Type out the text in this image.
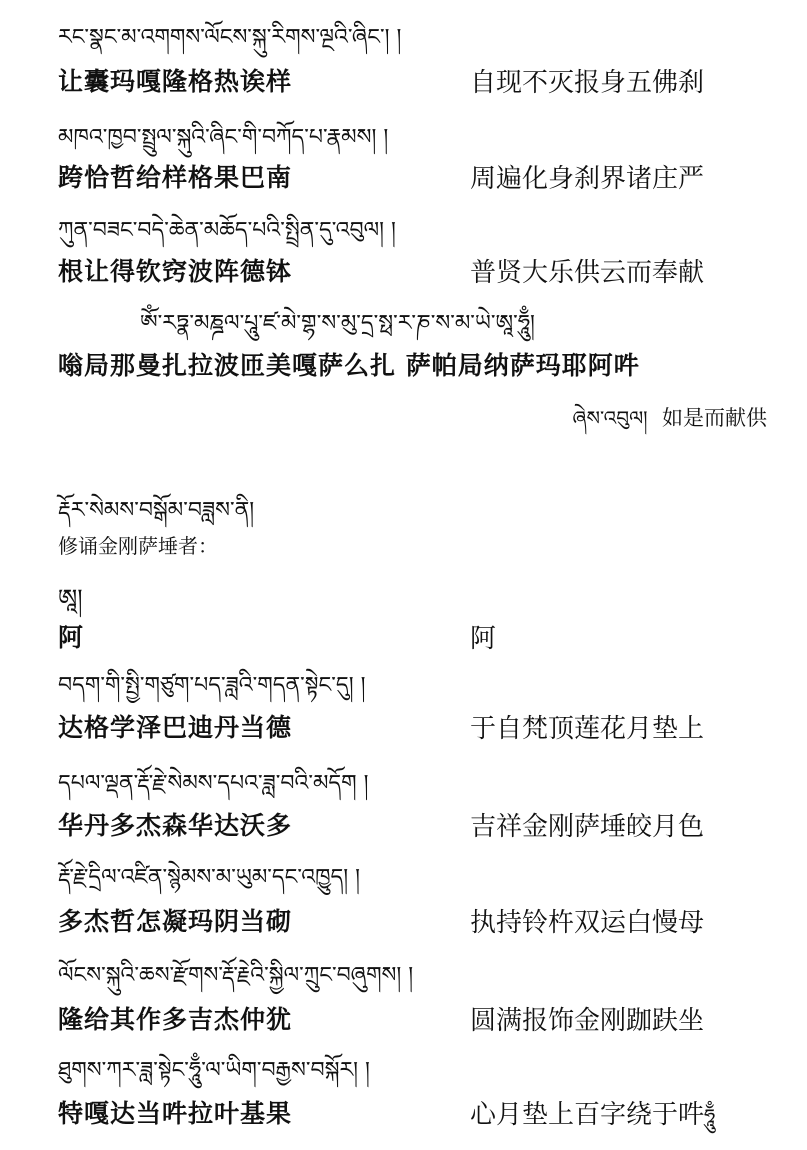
རང་སྣང་མ་འགགས་ལོངས་སྐུ་རིགས་ལྔའི་ཞིང་། །
让囊玛嘎隆格热诶样	自现不灭报身五佛刹
མཁའ་ཁྱབ་སྤྲུལ་སྐུའི་ཞིང་གི་བཀོད་པ་རྣམས། །
跨恰哲给样格果巴南	周遍化身刹界诸庄严
ཀུན་བཟང་བདེ་ཆེན་མཆོད་པའི་སྤྲིན་དུ་འབུལ། །
根让得钦窍波阵德钵	普贤大乐供云而奉献
ཨོཾ་རཏྣ་མཎྜལ་པཱུ་ཛ་མེ་གྷ་ས་མུ་དྲ་སྥ་ར་ཎ་ས་མ་ཡེ་ཨཱ་ཧཱུྃ།
嗡局那曼扎拉波匝美嘎萨么扎 萨帕局纳萨玛耶阿吽
ཞེས་འབུལ། 如是而献供
རྡོར་སེམས་བསྒོམ་བཟླས་ནི།
修诵金刚萨埵者：
ཨཱ།
阿	阿
བདག་གི་སྤྱི་གཙུག་པད་ཟླའི་གདན་སྟེང་དུ། །
达格学泽巴迪丹当德	于自梵顶莲花月垫上
དཔལ་ལྡན་རྡོ་རྗེ་སེམས་དཔའ་ཟླ་བའི་མདོག །
华丹多杰森华达沃多	吉祥金刚萨埵皎月色
རྡོ་རྗེ་དྲིལ་འཛིན་སྙེམས་མ་ཡུམ་དང་འཁྱུད། །
多杰哲怎凝玛阴当砌	执持铃杵双运白慢母
ལོངས་སྐུའི་ཆས་རྫོགས་རྡོ་རྗེའི་སྐྱིལ་ཀྲུང་བཞུགས། །
隆给其作多吉杰仲犹	圆满报饰金刚跏趺坐
ཐུགས་ཀར་ཟླ་སྟེང་ཧཱུྃ་ལ་ཡིག་བརྒྱས་བསྐོར། །
特嘎达当吽拉叶基果	心月垫上百字绕于吽ཧཱུྃ
